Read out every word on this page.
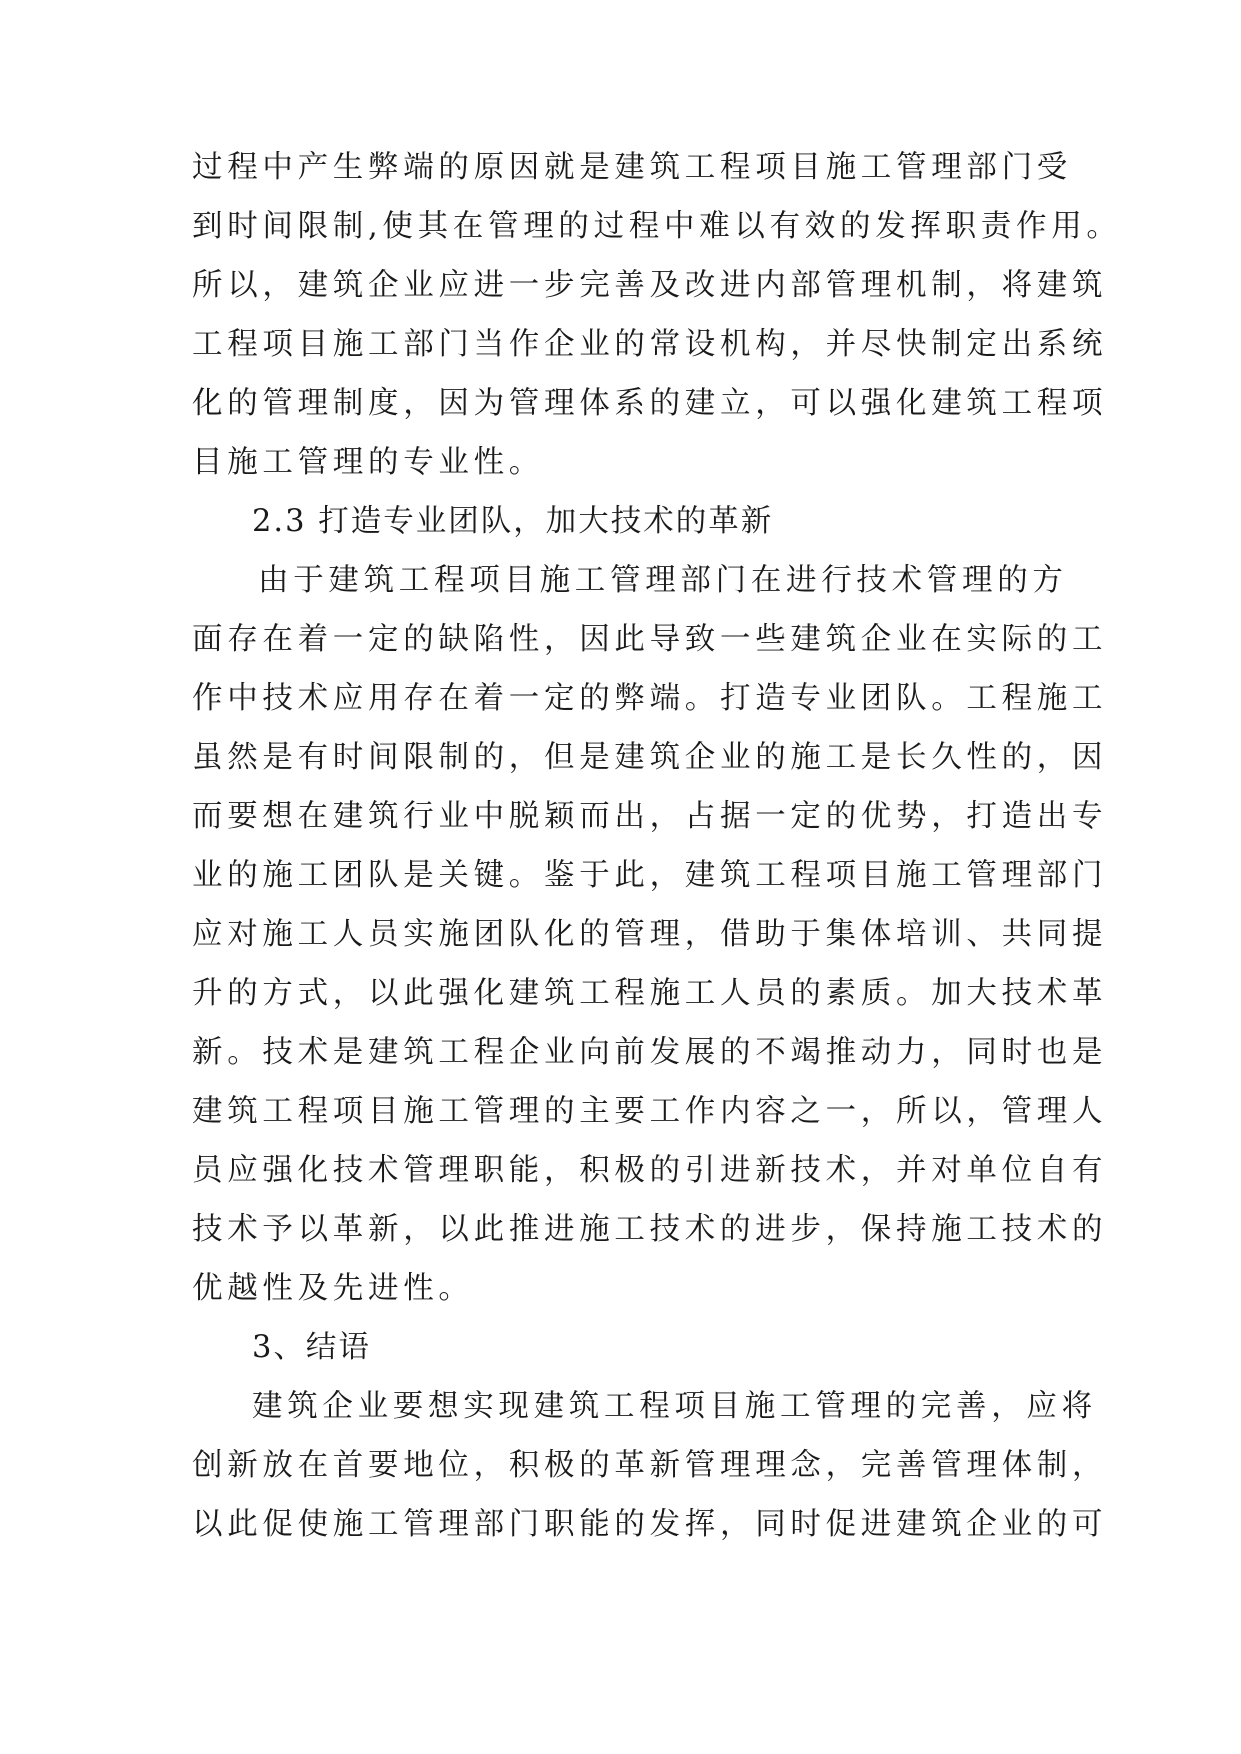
过程中产生弊端的原因就是建筑工程项目施工管理部门受
到时间限制,使其在管理的过程中难以有效的发挥职责作用。
所以，建筑企业应进一步完善及改进内部管理机制，将建筑
工程项目施工部门当作企业的常设机构，并尽快制定出系统
化的管理制度，因为管理体系的建立，可以强化建筑工程项
目施工管理的专业性。
2.3 打造专业团队，加大技术的革新
由于建筑工程项目施工管理部门在进行技术管理的方
面存在着一定的缺陷性，因此导致一些建筑企业在实际的工
作中技术应用存在着一定的弊端。打造专业团队。工程施工
虽然是有时间限制的，但是建筑企业的施工是长久性的，因
而要想在建筑行业中脱颖而出，占据一定的优势，打造出专
业的施工团队是关键。鉴于此，建筑工程项目施工管理部门
应对施工人员实施团队化的管理，借助于集体培训、共同提
升的方式，以此强化建筑工程施工人员的素质。加大技术革
新。技术是建筑工程企业向前发展的不竭推动力，同时也是
建筑工程项目施工管理的主要工作内容之一，所以，管理人
员应强化技术管理职能，积极的引进新技术，并对单位自有
技术予以革新，以此推进施工技术的进步，保持施工技术的
优越性及先进性。
3、结语
建筑企业要想实现建筑工程项目施工管理的完善，应将
创新放在首要地位，积极的革新管理理念，完善管理体制，
以此促使施工管理部门职能的发挥，同时促进建筑企业的可
